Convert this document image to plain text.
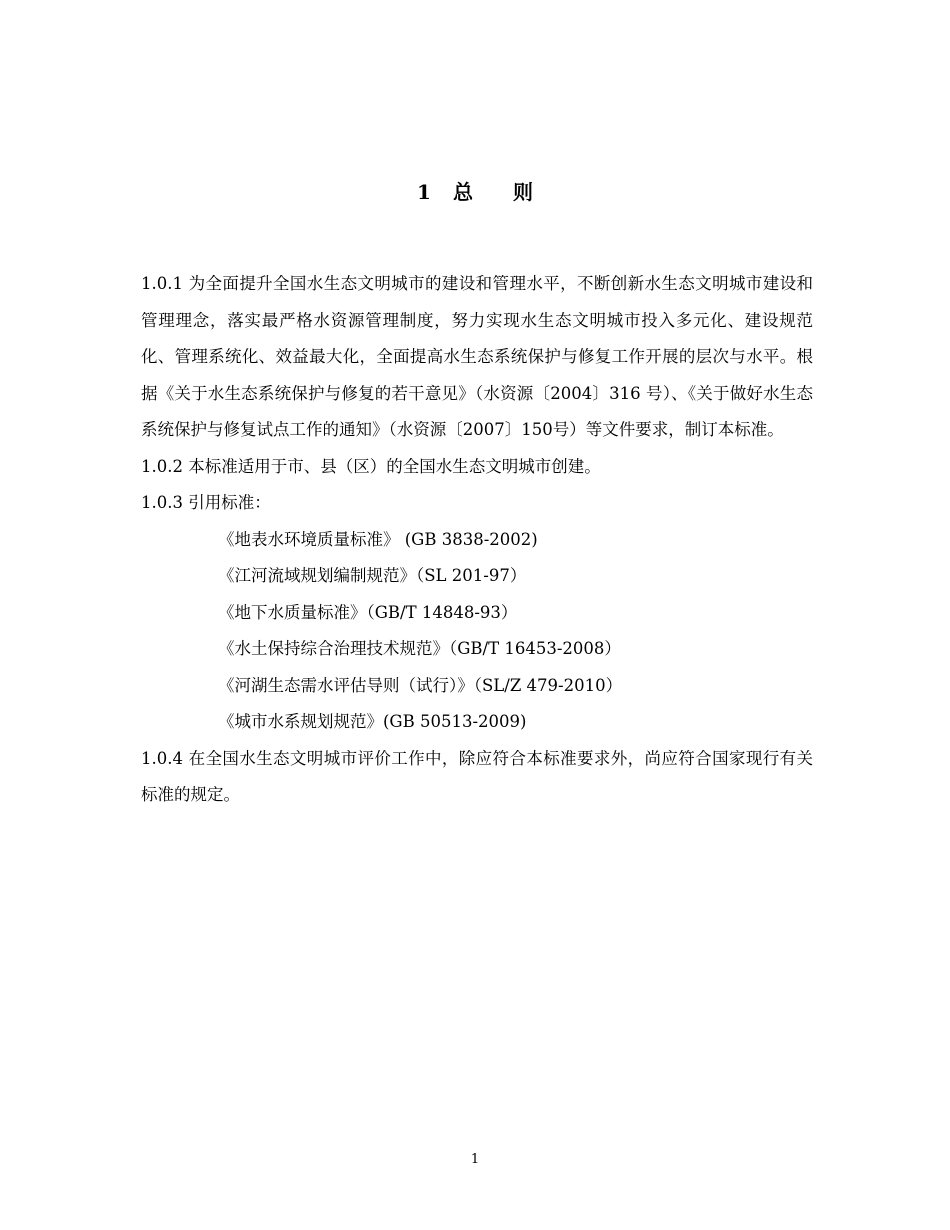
1 总 则

1.0.1 为全面提升全国水生态文明城市的建设和管理水平，不断创新水生态文明城市建设和管理理念，落实最严格水资源管理制度，努力实现水生态文明城市投入多元化、建设规范化、管理系统化、效益最大化，全面提高水生态系统保护与修复工作开展的层次与水平。根据《关于水生态系统保护与修复的若干意见》（水资源〔2004〕316 号）、《关于做好水生态系统保护与修复试点工作的通知》（水资源〔2007〕150号）等文件要求，制订本标准。

1.0.2 本标准适用于市、县（区）的全国水生态文明城市创建。

1.0.3 引用标准：

《地表水环境质量标准》 (GB 3838-2002)
《江河流域规划编制规范》（SL 201-97）
《地下水质量标准》（GB/T 14848-93）
《水土保持综合治理技术规范》（GB/T 16453-2008）
《河湖生态需水评估导则（试行）》（SL/Z 479-2010）
《城市水系规划规范》(GB 50513-2009)

1.0.4 在全国水生态文明城市评价工作中，除应符合本标准要求外，尚应符合国家现行有关标准的规定。

1
